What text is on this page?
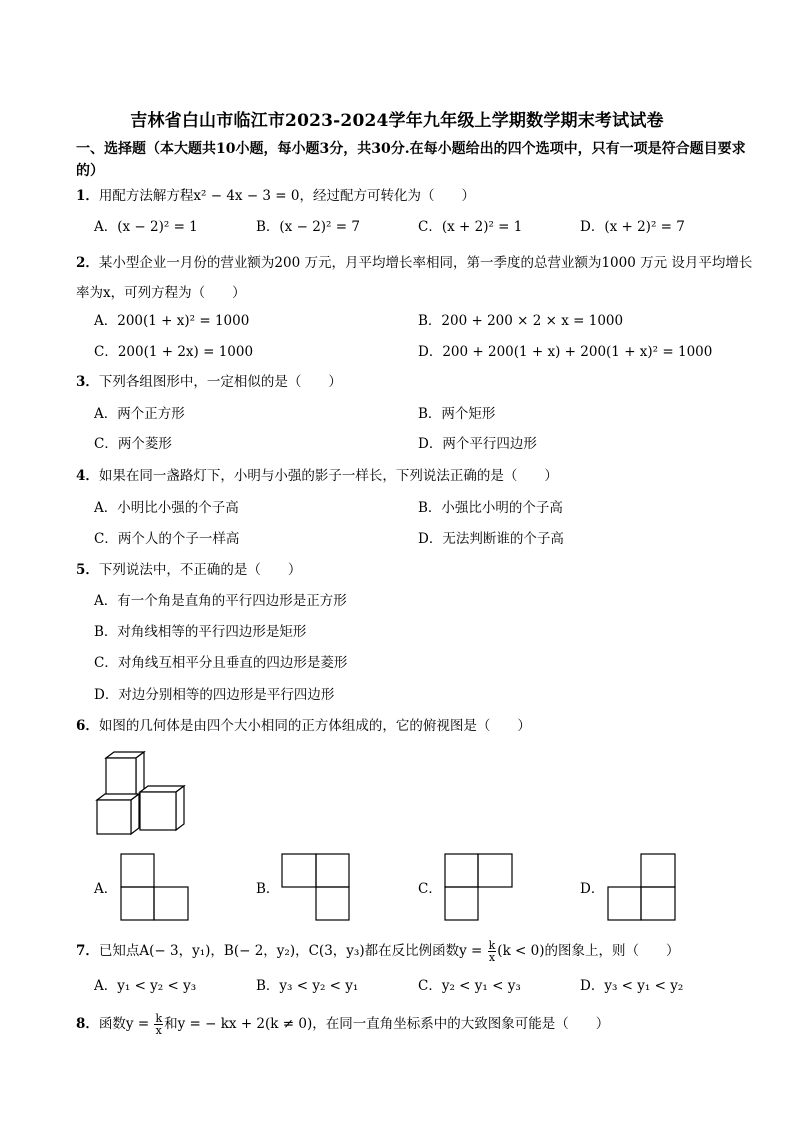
吉林省白山市临江市2023-2024学年九年级上学期数学期末考试试卷
一、选择题（本大题共10小题，每小题3分，共30分.在每小题给出的四个选项中，只有一项是符合题目要求的）
1．用配方法解方程x² − 4x − 3 = 0，经过配方可转化为（　　）
A．(x − 2)² = 1	B．(x − 2)² = 7	C．(x + 2)² = 1	D．(x + 2)² = 7
2．某小型企业一月份的营业额为200 万元，月平均增长率相同，第一季度的总营业额为1000 万元 设月平均增长率为x，可列方程为（　　）
A．200(1 + x)² = 1000	B．200 + 200 × 2 × x = 1000
C．200(1 + 2x) = 1000	D．200 + 200(1 + x) + 200(1 + x)² = 1000
3．下列各组图形中，一定相似的是（　　）
A．两个正方形	B．两个矩形
C．两个菱形	D．两个平行四边形
4．如果在同一盏路灯下，小明与小强的影子一样长，下列说法正确的是（　　）
A．小明比小强的个子高	B．小强比小明的个子高
C．两个人的个子一样高	D．无法判断谁的个子高
5．下列说法中，不正确的是（　　）
A．有一个角是直角的平行四边形是正方形
B．对角线相等的平行四边形是矩形
C．对角线互相平分且垂直的四边形是菱形
D．对边分别相等的四边形是平行四边形
6．如图的几何体是由四个大小相同的正方体组成的，它的俯视图是（　　）
A．	B．	C．	D．
7．已知点A(− 3，y₁)，B(− 2，y₂)，C(3，y₃)都在反比例函数$y = \frac{k}{x} (k < 0)$的图象上，则（　　）
A．y₁ < y₂ < y₃	B．y₃ < y₂ < y₁	C．y₂ < y₁ < y₃	D．y₃ < y₁ < y₂
8．函数$y = \frac{k}{x}$ 和y = − kx + 2(k ≠ 0)，在同一直角坐标系中的大致图象可能是（　　）
